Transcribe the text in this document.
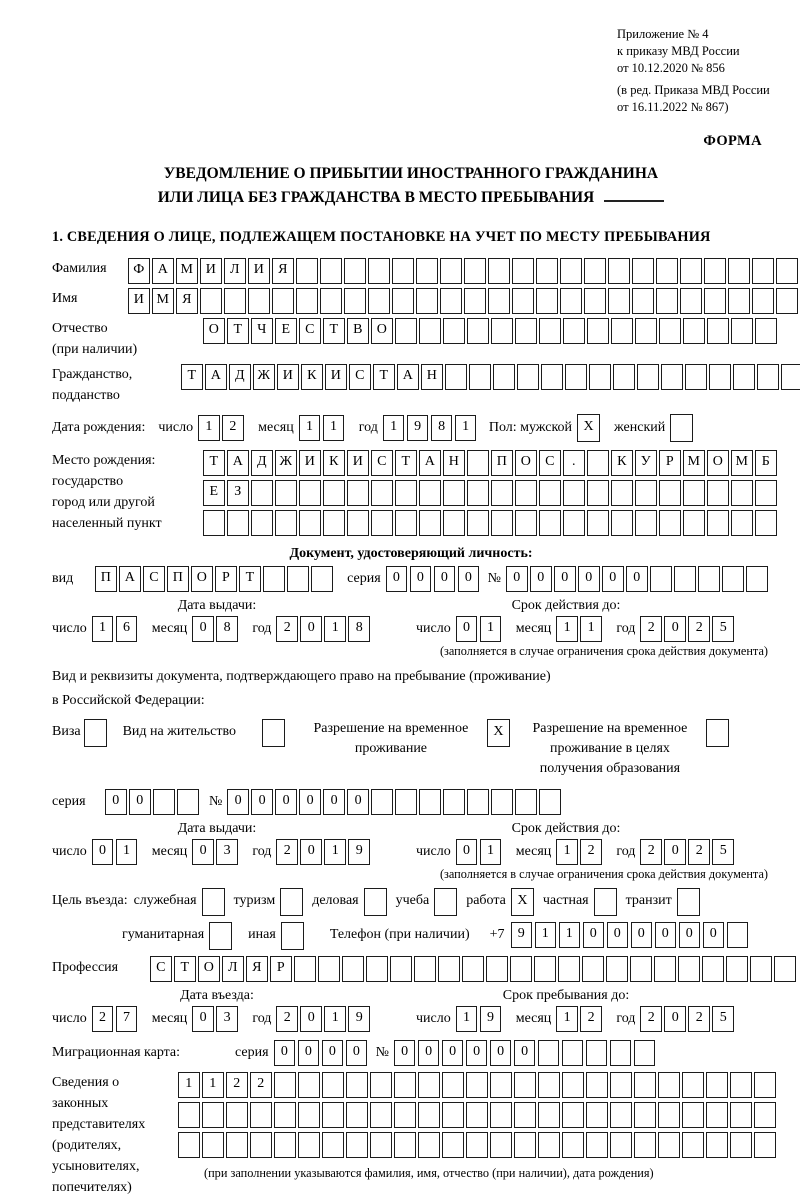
Приложение № 4
к приказу МВД России
от 10.12.2020 № 856
(в ред. Приказа МВД России
от 16.11.2022 № 867)
ФОРМА
УВЕДОМЛЕНИЕ О ПРИБЫТИИ ИНОСТРАННОГО ГРАЖДАНИНА
ИЛИ ЛИЦА БЕЗ ГРАЖДАНСТВА В МЕСТО ПРЕБЫВАНИЯ
1. СВЕДЕНИЯ О ЛИЦЕ, ПОДЛЕЖАЩЕМ ПОСТАНОВКЕ НА УЧЕТ ПО МЕСТУ ПРЕБЫВАНИЯ
Фамилия	Ф А М И	Л	И	Я
Имя	И М Я
Отчество
(при наличии)
О	Т	Ч	Е	С	Т	В	О
Гражданство,
подданство
Т	А	Д Ж И	К	И	С	Т	А Н
Дата рождения: число 1	2	месяц 1	1	год 1	9	8	1	Пол: мужской X	женский
Место рождения:
государство
город или другой
населенный пункт
Т	А	Д Ж И	К	И	С	Т	А Н	П О	С	.	К	У	Р М О М Б
Е	З
Документ, удостоверяющий личность:
вид	П А	С	П О	Р	Т	серия 0	0	0	0	№ 0	0	0	0	0	0
Дата выдачи:
число 1	6	месяц 0	8	год 2	0	1	8
Срок действия до:
число 0	1	месяц 1	1	год 2	0	2	5
(заполняется в случае ограничения срока действия документа)
Вид и реквизиты документа, подтверждающего право на пребывание (проживание)
в Российской Федерации:
Виза	Вид на жительство	Разрешение на временное
проживание
X	Разрешение на временное
проживание в целях
получения образования
серия	0	0	№ 0	0	0	0	0	0
Дата выдачи:
число 0	1	месяц 0	3	год 2	0	1	9
Срок действия до:
число 0	1	месяц 1	2	год 2	0	2	5
(заполняется в случае ограничения срока действия документа)
Цель въезда: служебная	туризм	деловая	учеба	работа X	частная	транзит
гуманитарная	иная	Телефон (при наличии) +7 9	1	1	0	0	0	0	0	0
Профессия	С	Т	О	Л	Я	Р
Дата въезда:
число 2	7	месяц 0	3	год 2	0	1	9
Срок пребывания до:
число 1	9	месяц 1	2	год 2	0	2	5
Миграционная карта:	серия 0	0	0	0	№ 0	0	0	0	0	0
Сведения о
законных
представителях
(родителях,
усыновителях,
попечителях)
1	1	2	2
(при заполнении указываются фамилия, имя, отчество (при наличии), дата рождения)
